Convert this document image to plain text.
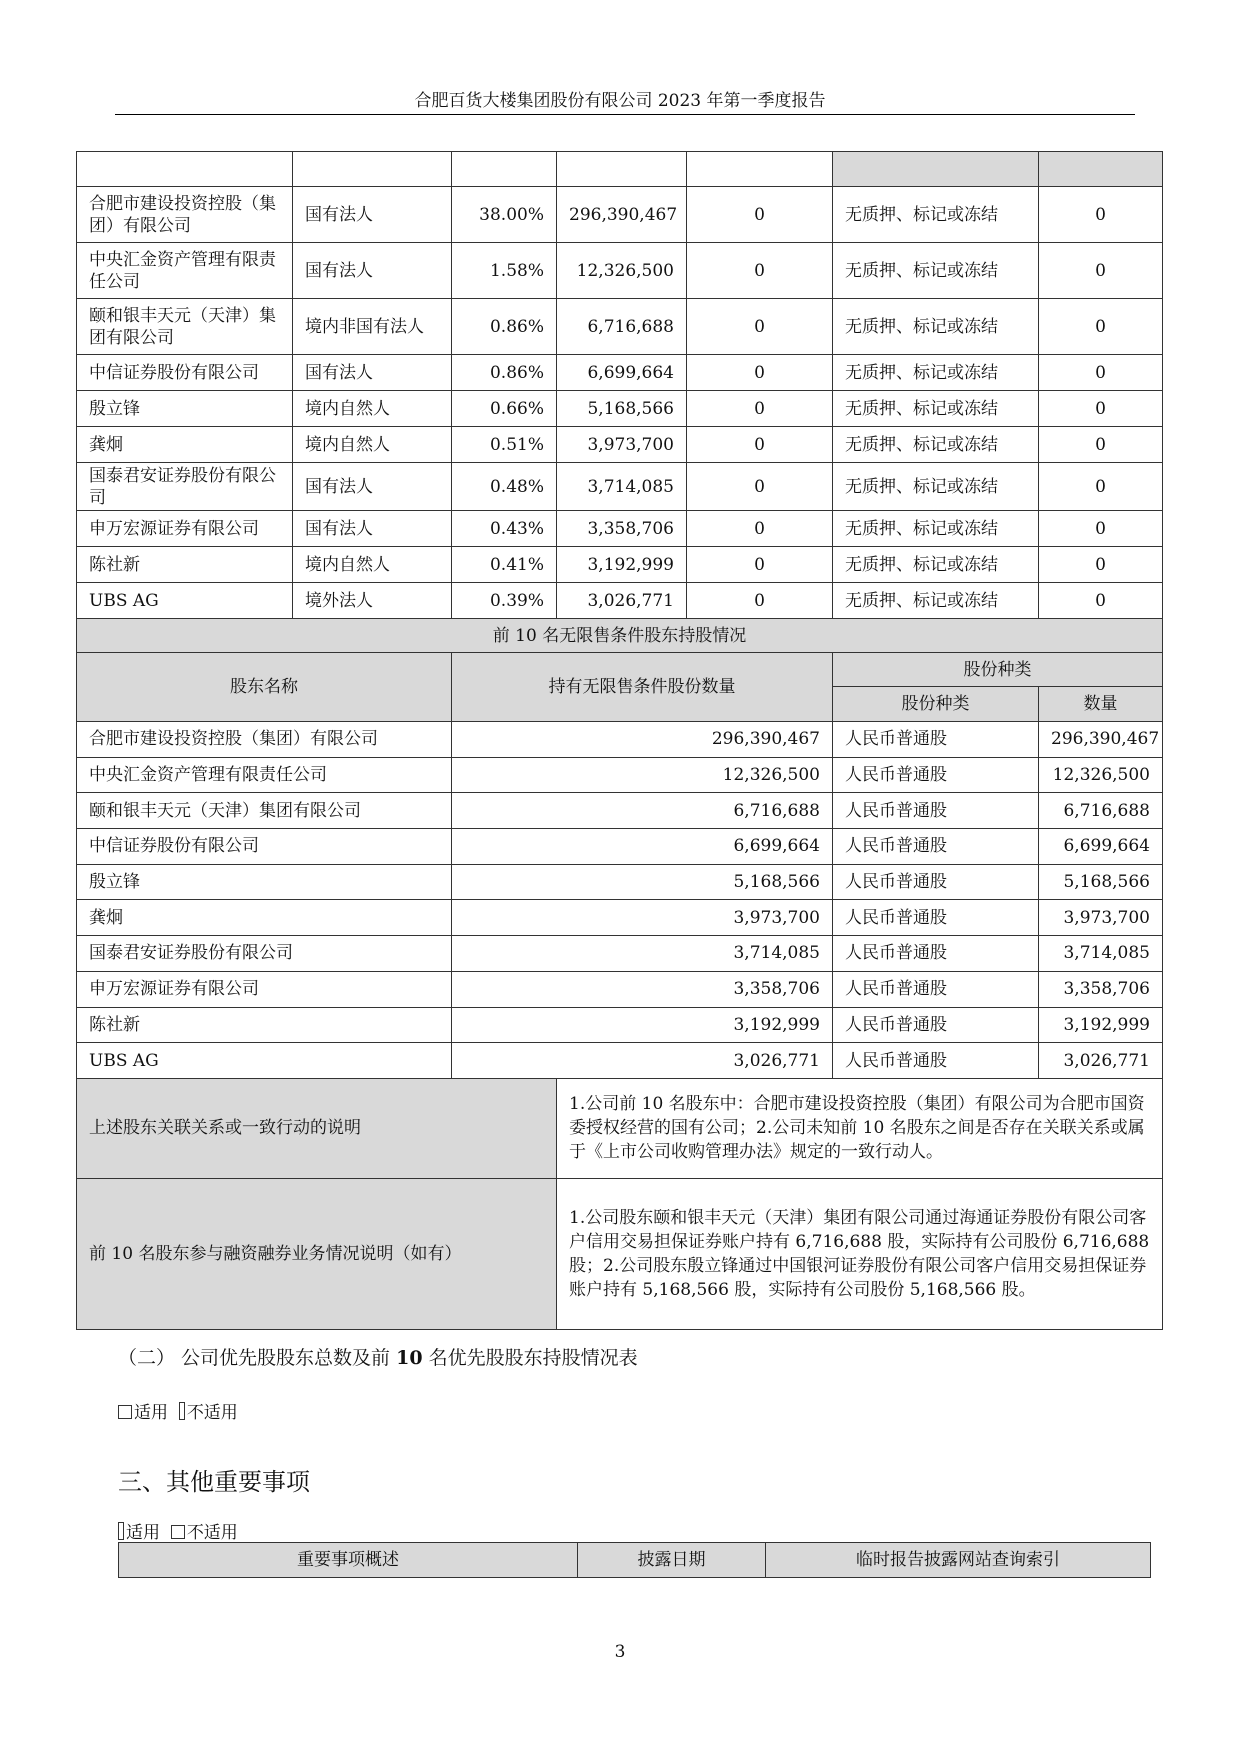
合肥百货大楼集团股份有限公司 2023 年第一季度报告

合肥市建设投资控股（集团）有限公司	国有法人	38.00%	296,390,467	0	无质押、标记或冻结	0
中央汇金资产管理有限责任公司	国有法人	1.58%	12,326,500	0	无质押、标记或冻结	0
颐和银丰天元（天津）集团有限公司	境内非国有法人	0.86%	6,716,688	0	无质押、标记或冻结	0
中信证券股份有限公司	国有法人	0.86%	6,699,664	0	无质押、标记或冻结	0
殷立锋	境内自然人	0.66%	5,168,566	0	无质押、标记或冻结	0
龚炯	境内自然人	0.51%	3,973,700	0	无质押、标记或冻结	0
国泰君安证券股份有限公司	国有法人	0.48%	3,714,085	0	无质押、标记或冻结	0
申万宏源证券有限公司	国有法人	0.43%	3,358,706	0	无质押、标记或冻结	0
陈社新	境内自然人	0.41%	3,192,999	0	无质押、标记或冻结	0
UBS AG	境外法人	0.39%	3,026,771	0	无质押、标记或冻结	0
前 10 名无限售条件股东持股情况						
股东名称		持有无限售条件股份数量			股份种类	
					股份种类	数量
合肥市建设投资控股（集团）有限公司		296,390,467			人民币普通股	296,390,467
中央汇金资产管理有限责任公司		12,326,500			人民币普通股	12,326,500
颐和银丰天元（天津）集团有限公司		6,716,688			人民币普通股	6,716,688
中信证券股份有限公司		6,699,664			人民币普通股	6,699,664
殷立锋		5,168,566			人民币普通股	5,168,566
龚炯		3,973,700			人民币普通股	3,973,700
国泰君安证券股份有限公司		3,714,085			人民币普通股	3,714,085
申万宏源证券有限公司		3,358,706			人民币普通股	3,358,706
陈社新		3,192,999			人民币普通股	3,192,999
UBS AG		3,026,771			人民币普通股	3,026,771
上述股东关联关系或一致行动的说明			1.公司前 10 名股东中：合肥市建设投资控股（集团）有限公司为合肥市国资委授权经营的国有公司；2.公司未知前 10 名股东之间是否存在关联关系或属于《上市公司收购管理办法》规定的一致行动人。			
前 10 名股东参与融资融券业务情况说明（如有）			1.公司股东颐和银丰天元（天津）集团有限公司通过海通证券股份有限公司客户信用交易担保证券账户持有 6,716,688 股，实际持有公司股份 6,716,688 股；2.公司股东殷立锋通过中国银河证券股份有限公司客户信用交易担保证券账户持有 5,168,566 股，实际持有公司股份 5,168,566 股。			
（二） 公司优先股股东总数及前 10 名优先股股东持股情况表
适用 不适用
三、其他重要事项
适用 不适用
重要事项概述	披露日期	临时报告披露网站查询索引
3
